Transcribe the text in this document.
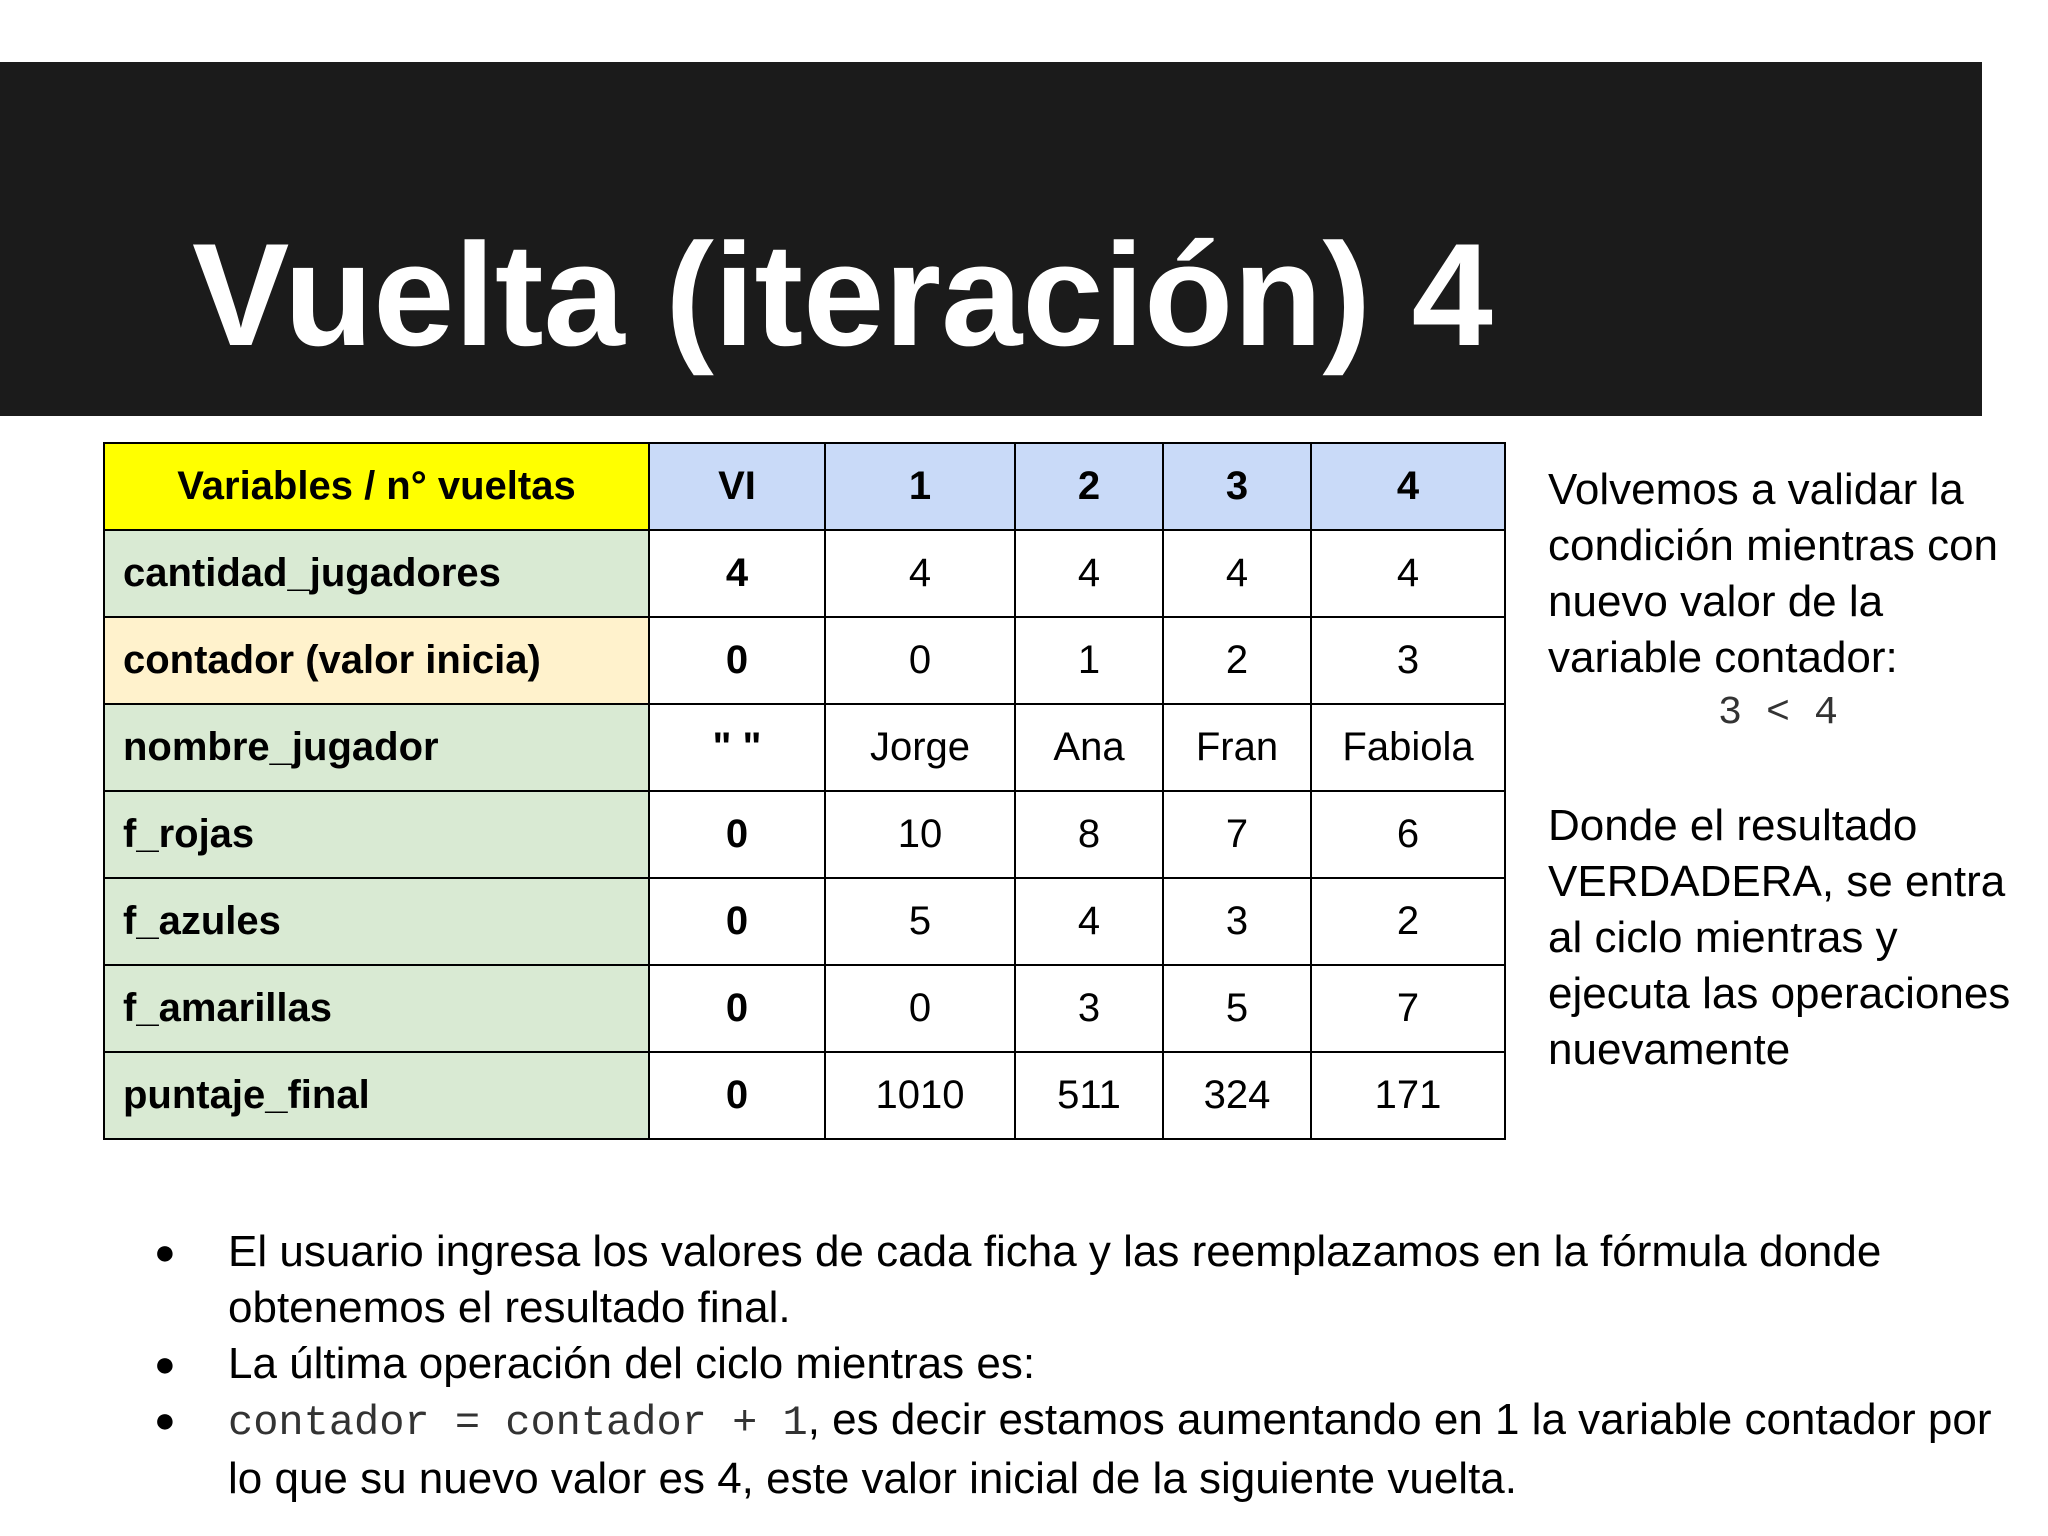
Vuelta (iteración) 4
Variables / n° vueltas	VI	1	2	3	4
cantidad_jugadores	4	4	4	4	4
contador (valor inicia)	0	0	1	2	3
nombre_jugador	" "	Jorge	Ana	Fran	Fabiola
f_rojas	0	10	8	7	6
f_azules	0	5	4	3	2
f_amarillas	0	0	3	5	7
puntaje_final	0	1010	511	324	171

Volvemos a validar la condición mientras con nuevo valor de la variable contador:

3 < 4

Donde el resultado VERDADERA, se entra al ciclo mientras y ejecuta las operaciones nuevamente

● El usuario ingresa los valores de cada ficha y las reemplazamos en la fórmula donde obtenemos el resultado final.
● La última operación del ciclo mientras es:
● contador = contador + 1, es decir estamos aumentando en 1 la variable contador por lo que su nuevo valor es 4, este valor inicial de la siguiente vuelta.
